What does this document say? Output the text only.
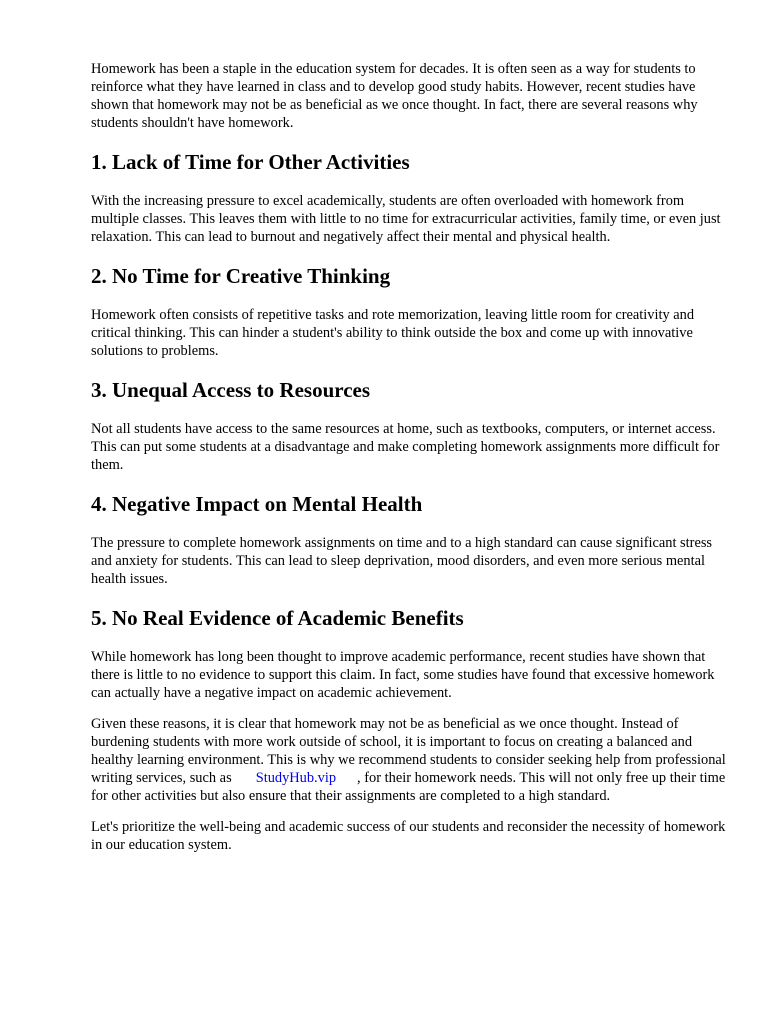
Homework has been a staple in the education system for decades. It is often seen as a way for students to reinforce what they have learned in class and to develop good study habits. However, recent studies have shown that homework may not be as beneficial as we once thought. In fact, there are several reasons why students shouldn't have homework.

1. Lack of Time for Other Activities

With the increasing pressure to excel academically, students are often overloaded with homework from multiple classes. This leaves them with little to no time for extracurricular activities, family time, or even just relaxation. This can lead to burnout and negatively affect their mental and physical health.

2. No Time for Creative Thinking

Homework often consists of repetitive tasks and rote memorization, leaving little room for creativity and critical thinking. This can hinder a student's ability to think outside the box and come up with innovative solutions to problems.

3. Unequal Access to Resources

Not all students have access to the same resources at home, such as textbooks, computers, or internet access. This can put some students at a disadvantage and make completing homework assignments more difficult for them.

4. Negative Impact on Mental Health

The pressure to complete homework assignments on time and to a high standard can cause significant stress and anxiety for students. This can lead to sleep deprivation, mood disorders, and even more serious mental health issues.

5. No Real Evidence of Academic Benefits

While homework has long been thought to improve academic performance, recent studies have shown that there is little to no evidence to support this claim. In fact, some studies have found that excessive homework can actually have a negative impact on academic achievement.

Given these reasons, it is clear that homework may not be as beneficial as we once thought. Instead of burdening students with more work outside of school, it is important to focus on creating a balanced and healthy learning environment. This is why we recommend students to consider seeking help from professional writing services, such as StudyHub.vip , for their homework needs. This will not only free up their time for other activities but also ensure that their assignments are completed to a high standard.

Let's prioritize the well-being and academic success of our students and reconsider the necessity of homework in our education system.
